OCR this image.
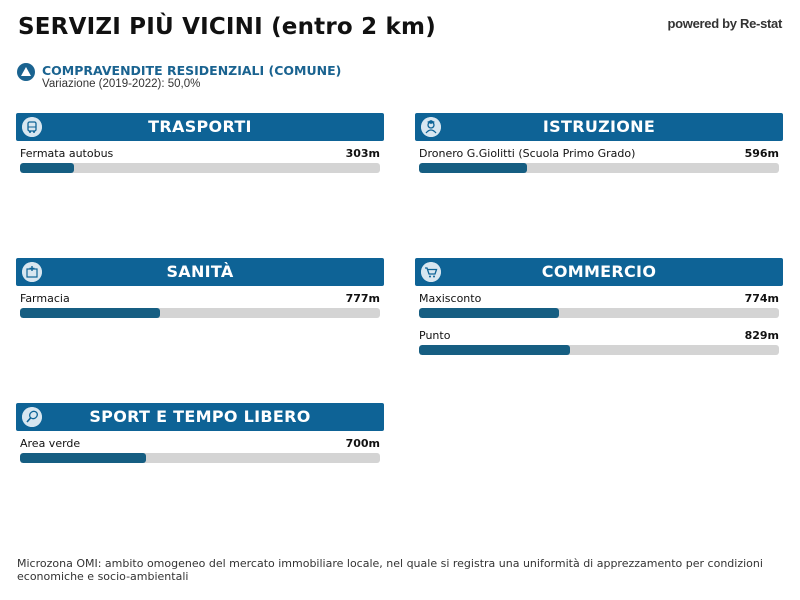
SERVIZI PIÙ VICINI (entro 2 km)	powered by Re-stat
COMPRAVENDITE RESIDENZIALI (COMUNE)
Variazione (2019-2022): 50,0%
TRASPORTI
Fermata autobus	303m
ISTRUZIONE
Dronero G.Giolitti (Scuola Primo Grado)	596m
SANITÀ
Farmacia	777m
COMMERCIO
Maxisconto	774m
Punto	829m
SPORT E TEMPO LIBERO
Area verde	700m
Microzona OMI: ambito omogeneo del mercato immobiliare locale, nel quale si registra una uniformità di apprezzamento per condizioni economiche e socio-ambientali
